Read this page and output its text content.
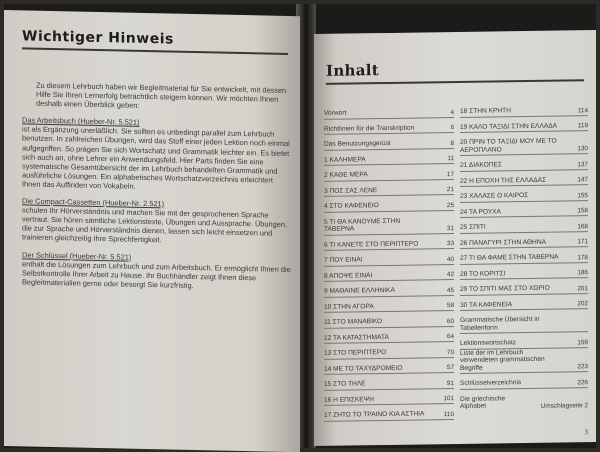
Wichtiger Hinweis

Zu diesem Lehrbuch haben wir Begleitmaterial für Sie entwickelt, mit dessen Hilfe Sie Ihren Lernerfolg beträchtlich steigern können. Wir möchten Ihnen deshalb einen Überblick geben:

Das Arbeitsbuch (Hueber-Nr. 5.521)
ist als Ergänzung unerläßlich. Sie sollten es unbedingt parallel zum Lehrbuch benutzen. In zahlreichen Übungen, wird das Stoff einer jeden Lektion noch einmal aufgegriffen. So prägen Sie sich Wortschatz und Grammatik leichter ein. Es bietet sich auch an, ohne Lehrer ein Anwendungsfeld. Hier Parts finden Sie eine systematische Gesamtübersicht der im Lehrbuch behandelten Grammatik und ausführliche Lösungen. Ein alphabetisches Wortschatzverzeichnis erleichtert Ihnen das Auffinden von Vokabeln.

Die Compact-Cassetten (Hueber-Nr. 2.521)
schulen Ihr Hörverständnis und machen Sie mit der gesprochenen Sprache vertraut. Sie hören sämtliche Lektionstexte, Übungen und Aussprache. Übungen, die zur Sprache und Hörverständnis dienen, lassen sich leicht einsetzen und trainieren gleichzeitig Ihre Sprechfertigkeit.

Der Schlüssel (Hueber-Nr. 5.521)
enthält die Lösungen zum Lehrbuch und zum Arbeitsbuch. Er ermöglicht Ihnen die Selbstkontrolle Ihrer Arbeit zu Hause. Ihr Buchhändler zeigt Ihnen diese Begleitmaterialien gerne oder besorgt Sie kurzfristig.

Inhalt
Vorwort	4
Richtlinien für die Transkription	6
Das Benutzungsgerüst	8
1 ΚΑΛΗΜΕΡΑ	11
2 ΚΑΘΕ ΜΕΡΑ	17
3 ΠΟΣ ΣΑΣ ΛΕΝΕ	21
4 ΣΤΟ ΚΑΦΕΝΕΙΟ	25
5 ΤΙ ΘΑ ΚΑΝΟΥΜΕ ΣΤΗΝ
ΤΑΒΕΡΝΑ	31
6 ΤΙ ΚΑΝΕΤΕ ΣΤΟ ΠΕΡΙΠΤΕΡΟ	33
7 ΠΟΥ ΕΙΝΑΙ	40
8 ΑΠΟΨΕ ΕΙΝΑΙ	42
9 ΜΑΘΑΙΝΕ ΕΛΛΗΝΙΚΑ	45
10 ΣΤΗΝ ΑΓΟΡΑ	58
11 ΣΤΟ ΜΑΝΑΒΙΚΟ	60
12 ΤΑ ΚΑΤΑΣΤΗΜΑΤΑ	64
13 ΣΤΟ ΠΕΡΙΠΤΕΡΟ	70
14 ΜΕ ΤΟ ΤΑΧΥΔΡΟΜΕΙΟ	57
15 ΣΤΟ ΤΗΛΕ	91
16 Η ΕΠΙΣΚΕΨΗ	101
17 ΖΗΤΩ ΤΟ ΤΡΑΙΝΟ ΚΙΑ ΑΣΤΗΙΑ	110
18 ΣΤΗΝ ΚΡΗΤΗ	114
19 ΚΑΛΟ ΤΑΞΙΔΙ ΣΤΗΝ ΕΛΛΑΔΑ	119
20 ΠΡΙΝ ΤΟ ΤΑΞΙΔΙ ΜΟΥ ΜΕ ΤΟ
ΑΕΡΟΠΛΑΝΟ	130
21 ΔΙΑΚΟΠΕΣ	137
22 Η ΕΠΟΧΗ ΤΗΣ ΕΛΛΑΔΑΣ	147
23 ΧΑΛΑΣΕ Ο ΚΑΙΡΟΣ	155
24 ΤΑ ΡΟΥΧΑ	158
25 ΣΠΙΤΙ	168
26 ΠΑΝΑΓΥΡΙ ΣΤΗΝ ΑΘΗΝΑ	171
27 ΤΙ ΘΑ ΦΑΜΕ ΣΤΗΝ ΤΑΒΕΡΝΑ	178
28 ΤΟ ΚΟΡΙΤΣΙ	186
29 ΤΟ ΣΠΙΤΙ ΜΑΣ ΣΤΟ ΧΩΡΙΟ	201
30 ΤΑ ΚΑΦΕΝΕΙΑ	202
Grammatische Übersicht in
Tabellenform
Lektionswortschatz	159
Liste der im Lehrbuch
verwendeten grammatischen
Begriffe	223
Schlüsselverzeichnis	226
Die griechische
Alphabet	Umschlagseite 2
3
